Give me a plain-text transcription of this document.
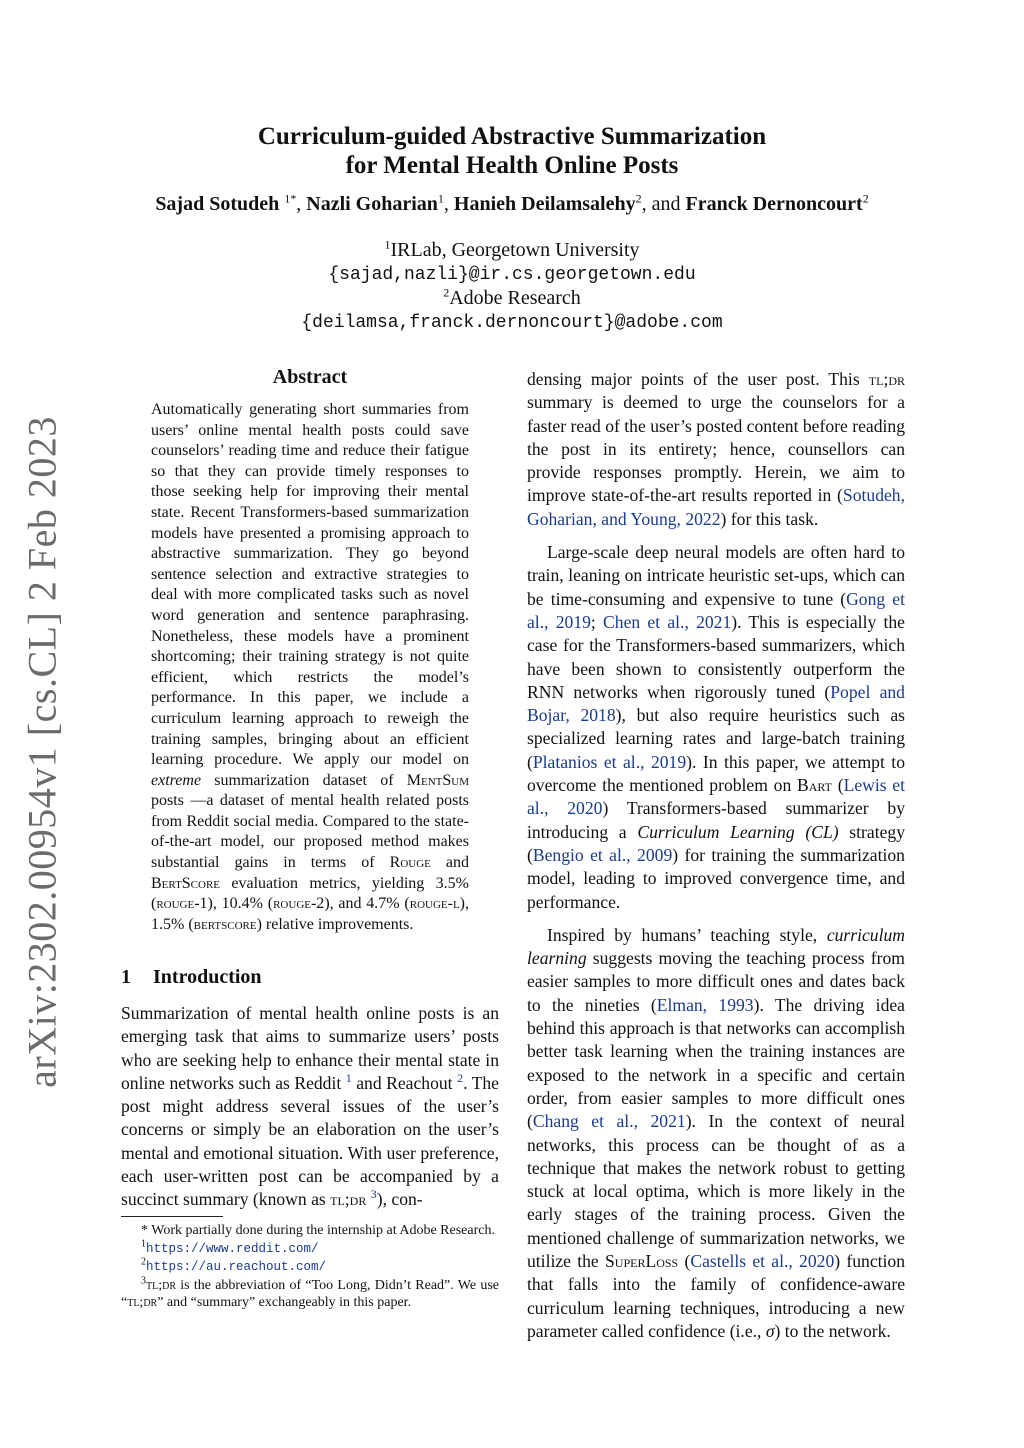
arXiv:2302.00954v1 [cs.CL] 2 Feb 2023
Curriculum-guided Abstractive Summarization
for Mental Health Online Posts
Sajad Sotudeh $^{1*}$, Nazli Goharian$^1$, Hanieh Deilamsalehy$^2$, and Franck Dernoncourt$^2$
$^1$IRLab, Georgetown University
{sajad,nazli}@ir.cs.georgetown.edu
$^2$Adobe Research
{deilamsa,franck.dernoncourt}@adobe.com
Abstract
Automatically generating short summaries from users’ online mental health posts could save counselors’ reading time and reduce their fatigue so that they can provide timely responses to those seeking help for improving their mental state. Recent Transformers-based summarization models have presented a promising approach to abstractive summarization. They go beyond sentence selection and extractive strategies to deal with more complicated tasks such as novel word generation and sentence paraphrasing. Nonetheless, these models have a prominent shortcoming; their training strategy is not quite efficient, which restricts the model’s performance. In this paper, we include a curriculum learning approach to reweigh the training samples, bringing about an efficient learning procedure. We apply our model on extreme summarization dataset of MentSum posts —a dataset of mental health related posts from Reddit social media. Compared to the state-of-the-art model, our proposed method makes substantial gains in terms of Rouge and BertScore evaluation metrics, yielding 3.5% (rouge-1), 10.4% (rouge-2), and 4.7% (rouge-l), 1.5% (bertscore) relative improvements.
1 Introduction
Summarization of mental health online posts is an emerging task that aims to summarize users’ posts who are seeking help to enhance their mental state in online networks such as Reddit $^1$ and Reachout $^2$. The post might address several issues of the user’s concerns or simply be an elaboration on the user’s mental and emotional situation. With user preference, each user-written post can be accompanied by a succinct summary (known as tl;dr $^3$), con-

* Work partially done during the internship at Adobe Research.

$^1$https://www.reddit.com/

$^2$https://au.reachout.com/

$^3$tl;dr is the abbreviation of “Too Long, Didn’t Read”. We use “tl;dr” and “summary” exchangeably in this paper.

densing major points of the user post. This tl;dr summary is deemed to urge the counselors for a faster read of the user’s posted content before reading the post in its entirety; hence, counsellors can provide responses promptly. Herein, we aim to improve state-of-the-art results reported in (Sotudeh, Goharian, and Young, 2022) for this task.

Large-scale deep neural models are often hard to train, leaning on intricate heuristic set-ups, which can be time-consuming and expensive to tune (Gong et al., 2019; Chen et al., 2021). This is especially the case for the Transformers-based summarizers, which have been shown to consistently outperform the RNN networks when rigorously tuned (Popel and Bojar, 2018), but also require heuristics such as specialized learning rates and large-batch training (Platanios et al., 2019). In this paper, we attempt to overcome the mentioned problem on Bart (Lewis et al., 2020) Transformers-based summarizer by introducing a Curriculum Learning (CL) strategy (Bengio et al., 2009) for training the summarization model, leading to improved convergence time, and performance.

Inspired by humans’ teaching style, curriculum learning suggests moving the teaching process from easier samples to more difficult ones and dates back to the nineties (Elman, 1993). The driving idea behind this approach is that networks can accomplish better task learning when the training instances are exposed to the network in a specific and certain order, from easier samples to more difficult ones (Chang et al., 2021). In the context of neural networks, this process can be thought of as a technique that makes the network robust to getting stuck at local optima, which is more likely in the early stages of the training process. Given the mentioned challenge of summarization networks, we utilize the SuperLoss (Castells et al., 2020) function that falls into the family of confidence-aware curriculum learning techniques, introducing a new parameter called confidence (i.e., σ) to the network.
